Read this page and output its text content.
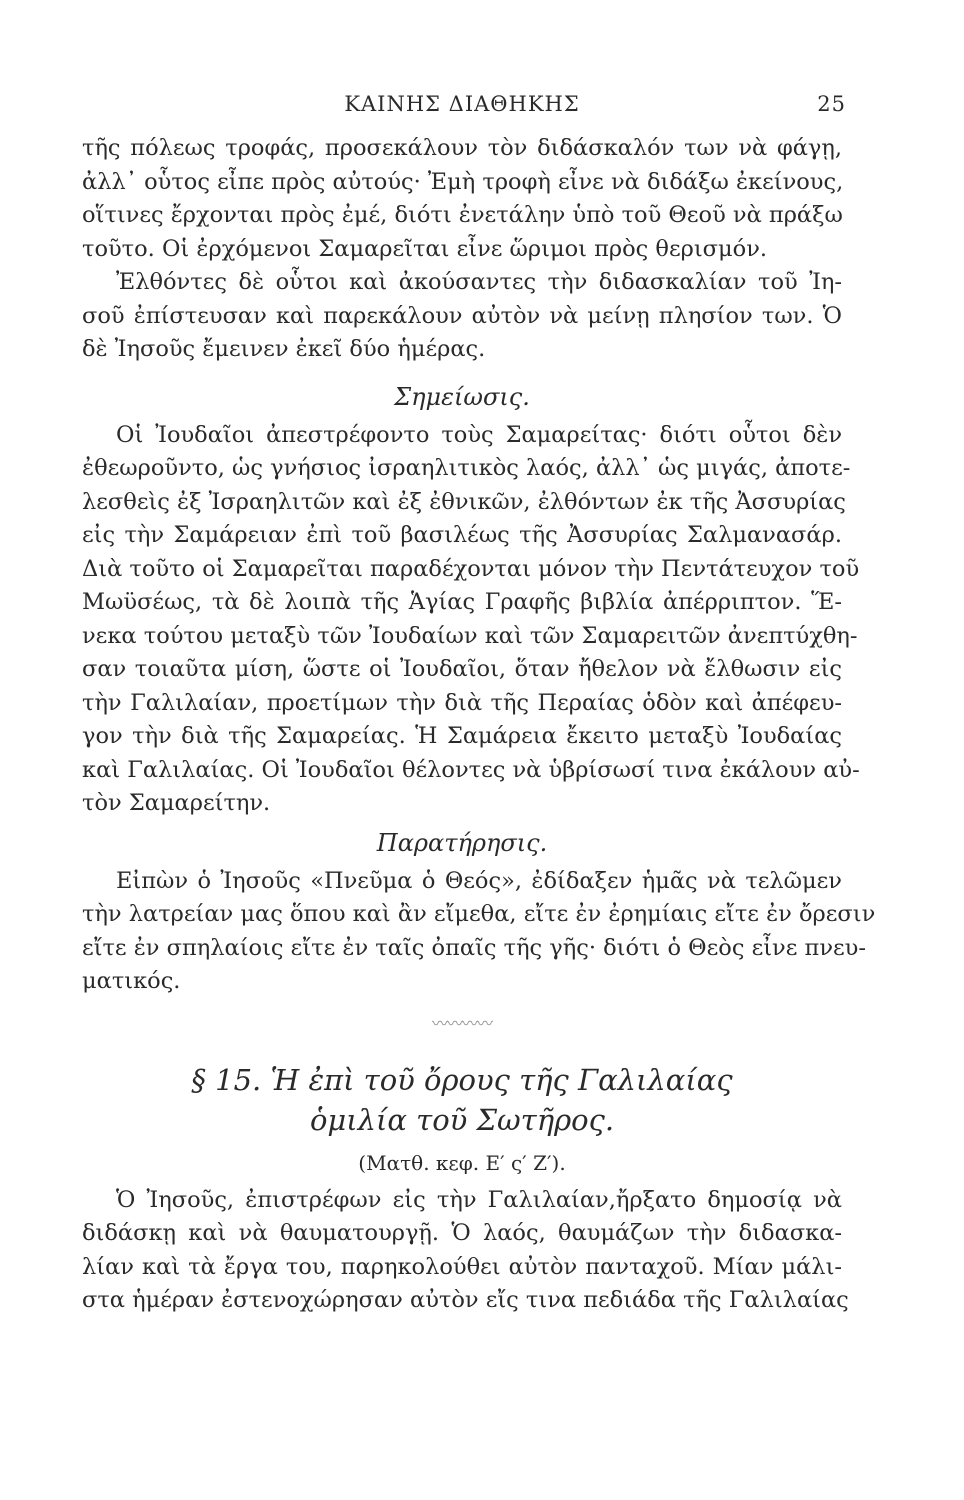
ΚΑΙΝΗΣ ΔΙΑΘΗΚΗΣ	25
τῆς πόλεως τροφάς, προσεκάλουν τὸν διδάσκαλόν των νὰ φάγῃ,
ἀλλ᾽ οὗτος εἶπε πρὸς αὐτούς· Ἐμὴ τροφὴ εἶνε νὰ διδάξω ἐκείνους,
οἵτινες ἔρχονται πρὸς ἐμέ, διότι ἐνετάλην ὑπὸ τοῦ Θεοῦ νὰ πράξω
τοῦτο. Οἱ ἐρχόμενοι Σαμαρεῖται εἶνε ὥριμοι πρὸς θερισμόν.
Ἐλθόντες δὲ οὗτοι καὶ ἀκούσαντες τὴν διδασκαλίαν τοῦ Ἰη-
σοῦ ἐπίστευσαν καὶ παρεκάλουν αὐτὸν νὰ μείνῃ πλησίον των. Ὁ
δὲ Ἰησοῦς ἔμεινεν ἐκεῖ δύο ἡμέρας.
Σημείωσις.
Οἱ Ἰουδαῖοι ἀπεστρέφοντο τοὺς Σαμαρείτας· διότι οὗτοι δὲν
ἐθεωροῦντο, ὡς γνήσιος ἰσραηλιτικὸς λαός, ἀλλ᾽ ὡς μιγάς, ἀποτε-
λεσθεὶς ἐξ Ἰσραηλιτῶν καὶ ἐξ ἐθνικῶν, ἐλθόντων ἐκ τῆς Ἀσσυρίας
εἰς τὴν Σαμάρειαν ἐπὶ τοῦ βασιλέως τῆς Ἀσσυρίας Σαλμανασάρ.
Διὰ τοῦτο οἱ Σαμαρεῖται παραδέχονται μόνον τὴν Πεντάτευχον τοῦ
Μωϋσέως, τὰ δὲ λοιπὰ τῆς Ἁγίας Γραφῆς βιβλία ἀπέρριπτον. Ἕ-
νεκα τούτου μεταξὺ τῶν Ἰουδαίων καὶ τῶν Σαμαρειτῶν ἀνεπτύχθη-
σαν τοιαῦτα μίση, ὥστε οἱ Ἰουδαῖοι, ὅταν ἤθελον νὰ ἔλθωσιν εἰς
τὴν Γαλιλαίαν, προετίμων τὴν διὰ τῆς Περαίας ὁδὸν καὶ ἀπέφευ-
γον τὴν διὰ τῆς Σαμαρείας. Ἡ Σαμάρεια ἔκειτο μεταξὺ Ἰουδαίας
καὶ Γαλιλαίας. Οἱ Ἰουδαῖοι θέλοντες νὰ ὑβρίσωσί τινα ἐκάλουν αὐ-
τὸν Σαμαρείτην.
Παρατήρησις.
Εἰπὼν ὁ Ἰησοῦς «Πνεῦμα ὁ Θεός», ἐδίδαξεν ἡμᾶς νὰ τελῶμεν
τὴν λατρείαν μας ὅπου καὶ ἂν εἴμεθα, εἴτε ἐν ἐρημίαις εἴτε ἐν ὄρεσιν
εἴτε ἐν σπηλαίοις εἴτε ἐν ταῖς ὀπαῖς τῆς γῆς· διότι ὁ Θεὸς εἶνε πνευ-
ματικός.
〰〰〰〰
§ 15. Ἡ ἐπὶ τοῦ ὄρους τῆς Γαλιλαίας
ὁμιλία τοῦ Σωτῆρος.
(Ματθ. κεφ. Ε′ ς′ Ζ′).
Ὁ Ἰησοῦς, ἐπιστρέφων εἰς τὴν Γαλιλαίαν,ἤρξατο δημοσίᾳ νὰ
διδάσκῃ καὶ νὰ θαυματουργῇ. Ὁ λαός, θαυμάζων τὴν διδασκα-
λίαν καὶ τὰ ἔργα του, παρηκολούθει αὐτὸν πανταχοῦ. Μίαν μάλι-
στα ἡμέραν ἐστενοχώρησαν αὐτὸν εἴς τινα πεδιάδα τῆς Γαλιλαίας
